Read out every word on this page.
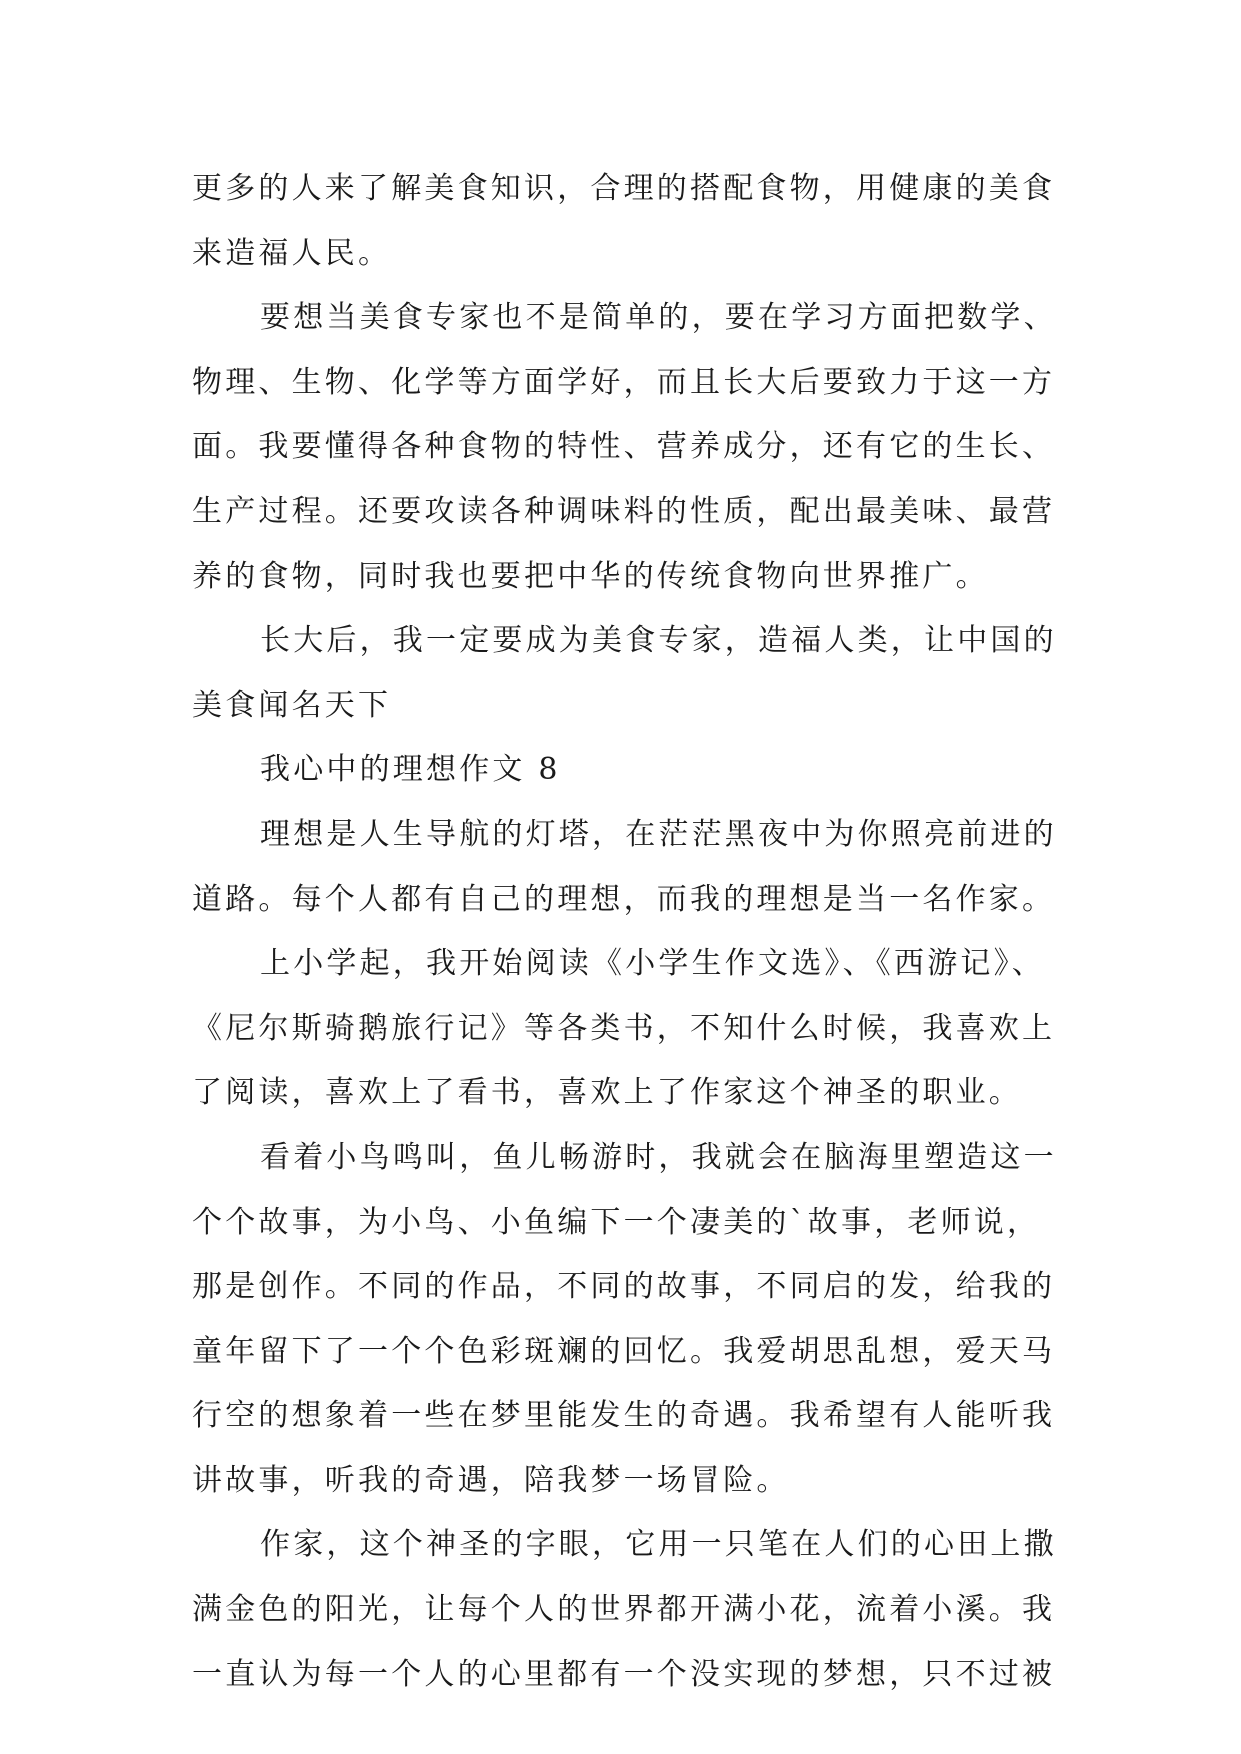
更多的人来了解美食知识，合理的搭配食物，用健康的美食来造福人民。

要想当美食专家也不是简单的，要在学习方面把数学、物理、生物、化学等方面学好，而且长大后要致力于这一方面。我要懂得各种食物的特性、营养成分，还有它的生长、生产过程。还要攻读各种调味料的性质，配出最美味、最营养的食物，同时我也要把中华的传统食物向世界推广。

长大后，我一定要成为美食专家，造福人类，让中国的美食闻名天下

我心中的理想作文 8

理想是人生导航的灯塔，在茫茫黑夜中为你照亮前进的道路。每个人都有自己的理想，而我的理想是当一名作家。

上小学起，我开始阅读《小学生作文选》、《西游记》、《尼尔斯骑鹅旅行记》等各类书，不知什么时候，我喜欢上了阅读，喜欢上了看书，喜欢上了作家这个神圣的职业。

看着小鸟鸣叫，鱼儿畅游时，我就会在脑海里塑造这一个个故事，为小鸟、小鱼编下一个凄美的`故事，老师说，那是创作。不同的作品，不同的故事，不同启的发，给我的童年留下了一个个色彩斑斓的回忆。我爱胡思乱想，爱天马行空的想象着一些在梦里能发生的奇遇。我希望有人能听我讲故事，听我的奇遇，陪我梦一场冒险。

作家，这个神圣的字眼，它用一只笔在人们的心田上撒满金色的阳光，让每个人的世界都开满小花，流着小溪。我一直认为每一个人的心里都有一个没实现的梦想，只不过被
